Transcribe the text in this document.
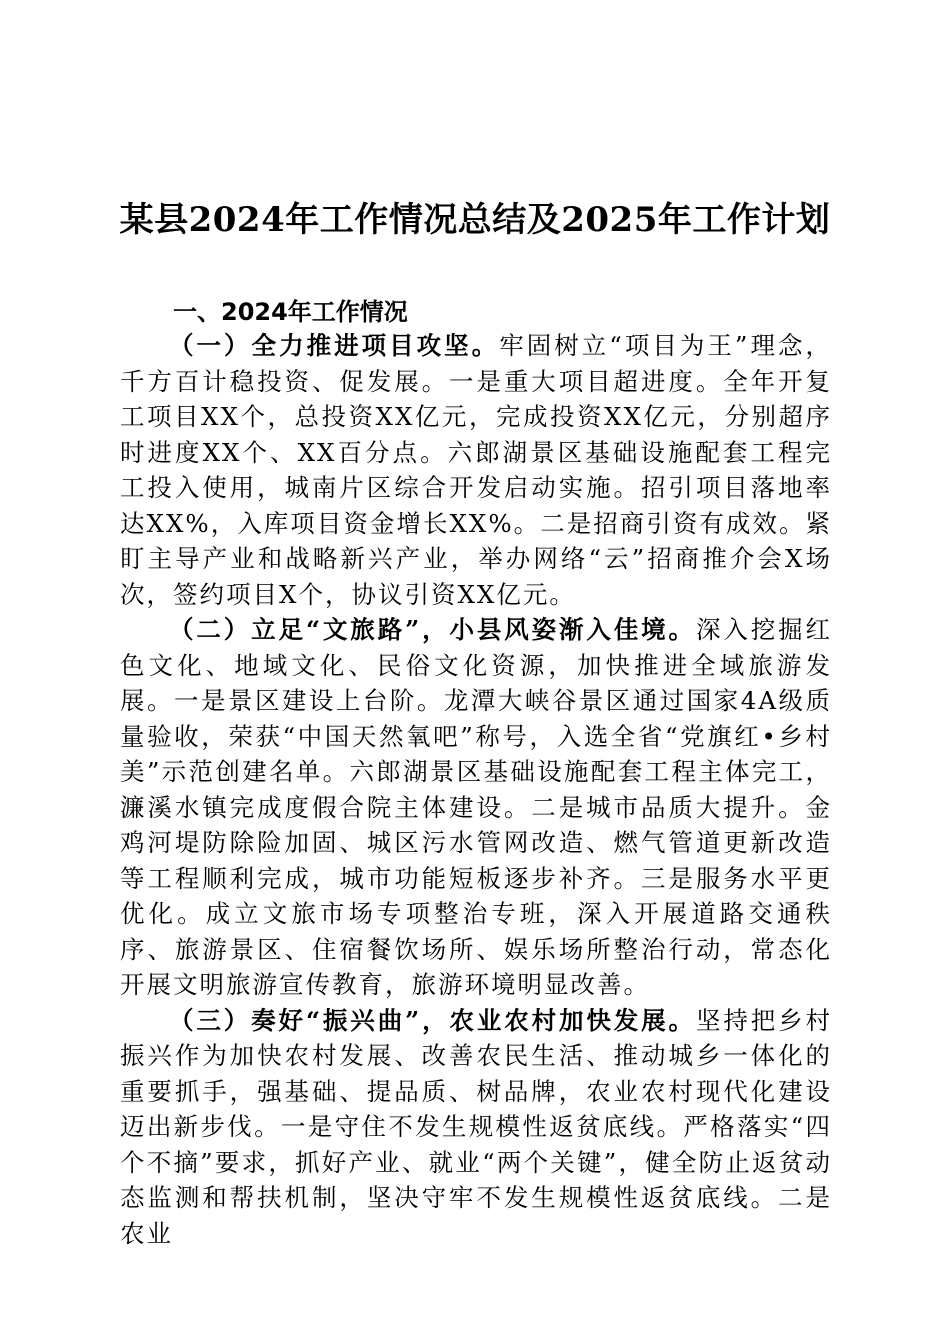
某县2024年工作情况总结及2025年工作计划
一、2024年工作情况

（一）全力推进项目攻坚。牢固树立“项目为王”理念，千方百计稳投资、促发展。一是重大项目超进度。全年开复工项目XX个，总投资XX亿元，完成投资XX亿元，分别超序时进度XX个、XX百分点。六郎湖景区基础设施配套工程完工投入使用，城南片区综合开发启动实施。招引项目落地率达XX%，入库项目资金增长XX%。二是招商引资有成效。紧盯主导产业和战略新兴产业，举办网络“云”招商推介会X场次，签约项目X个，协议引资XX亿元。

（二）立足“文旅路”，小县风姿渐入佳境。深入挖掘红色文化、地域文化、民俗文化资源，加快推进全域旅游发展。一是景区建设上台阶。龙潭大峡谷景区通过国家4A级质量验收，荣获“中国天然氧吧”称号，入选全省“党旗红•乡村美”示范创建名单。六郎湖景区基础设施配套工程主体完工，濂溪水镇完成度假合院主体建设。二是城市品质大提升。金鸡河堤防除险加固、城区污水管网改造、燃气管道更新改造等工程顺利完成，城市功能短板逐步补齐。三是服务水平更优化。成立文旅市场专项整治专班，深入开展道路交通秩序、旅游景区、住宿餐饮场所、娱乐场所整治行动，常态化开展文明旅游宣传教育，旅游环境明显改善。

（三）奏好“振兴曲”，农业农村加快发展。坚持把乡村振兴作为加快农村发展、改善农民生活、推动城乡一体化的重要抓手，强基础、提品质、树品牌，农业农村现代化建设迈出新步伐。一是守住不发生规模性返贫底线。严格落实“四个不摘”要求，抓好产业、就业“两个关键”，健全防止返贫动态监测和帮扶机制，坚决守牢不发生规模性返贫底线。二是农业
